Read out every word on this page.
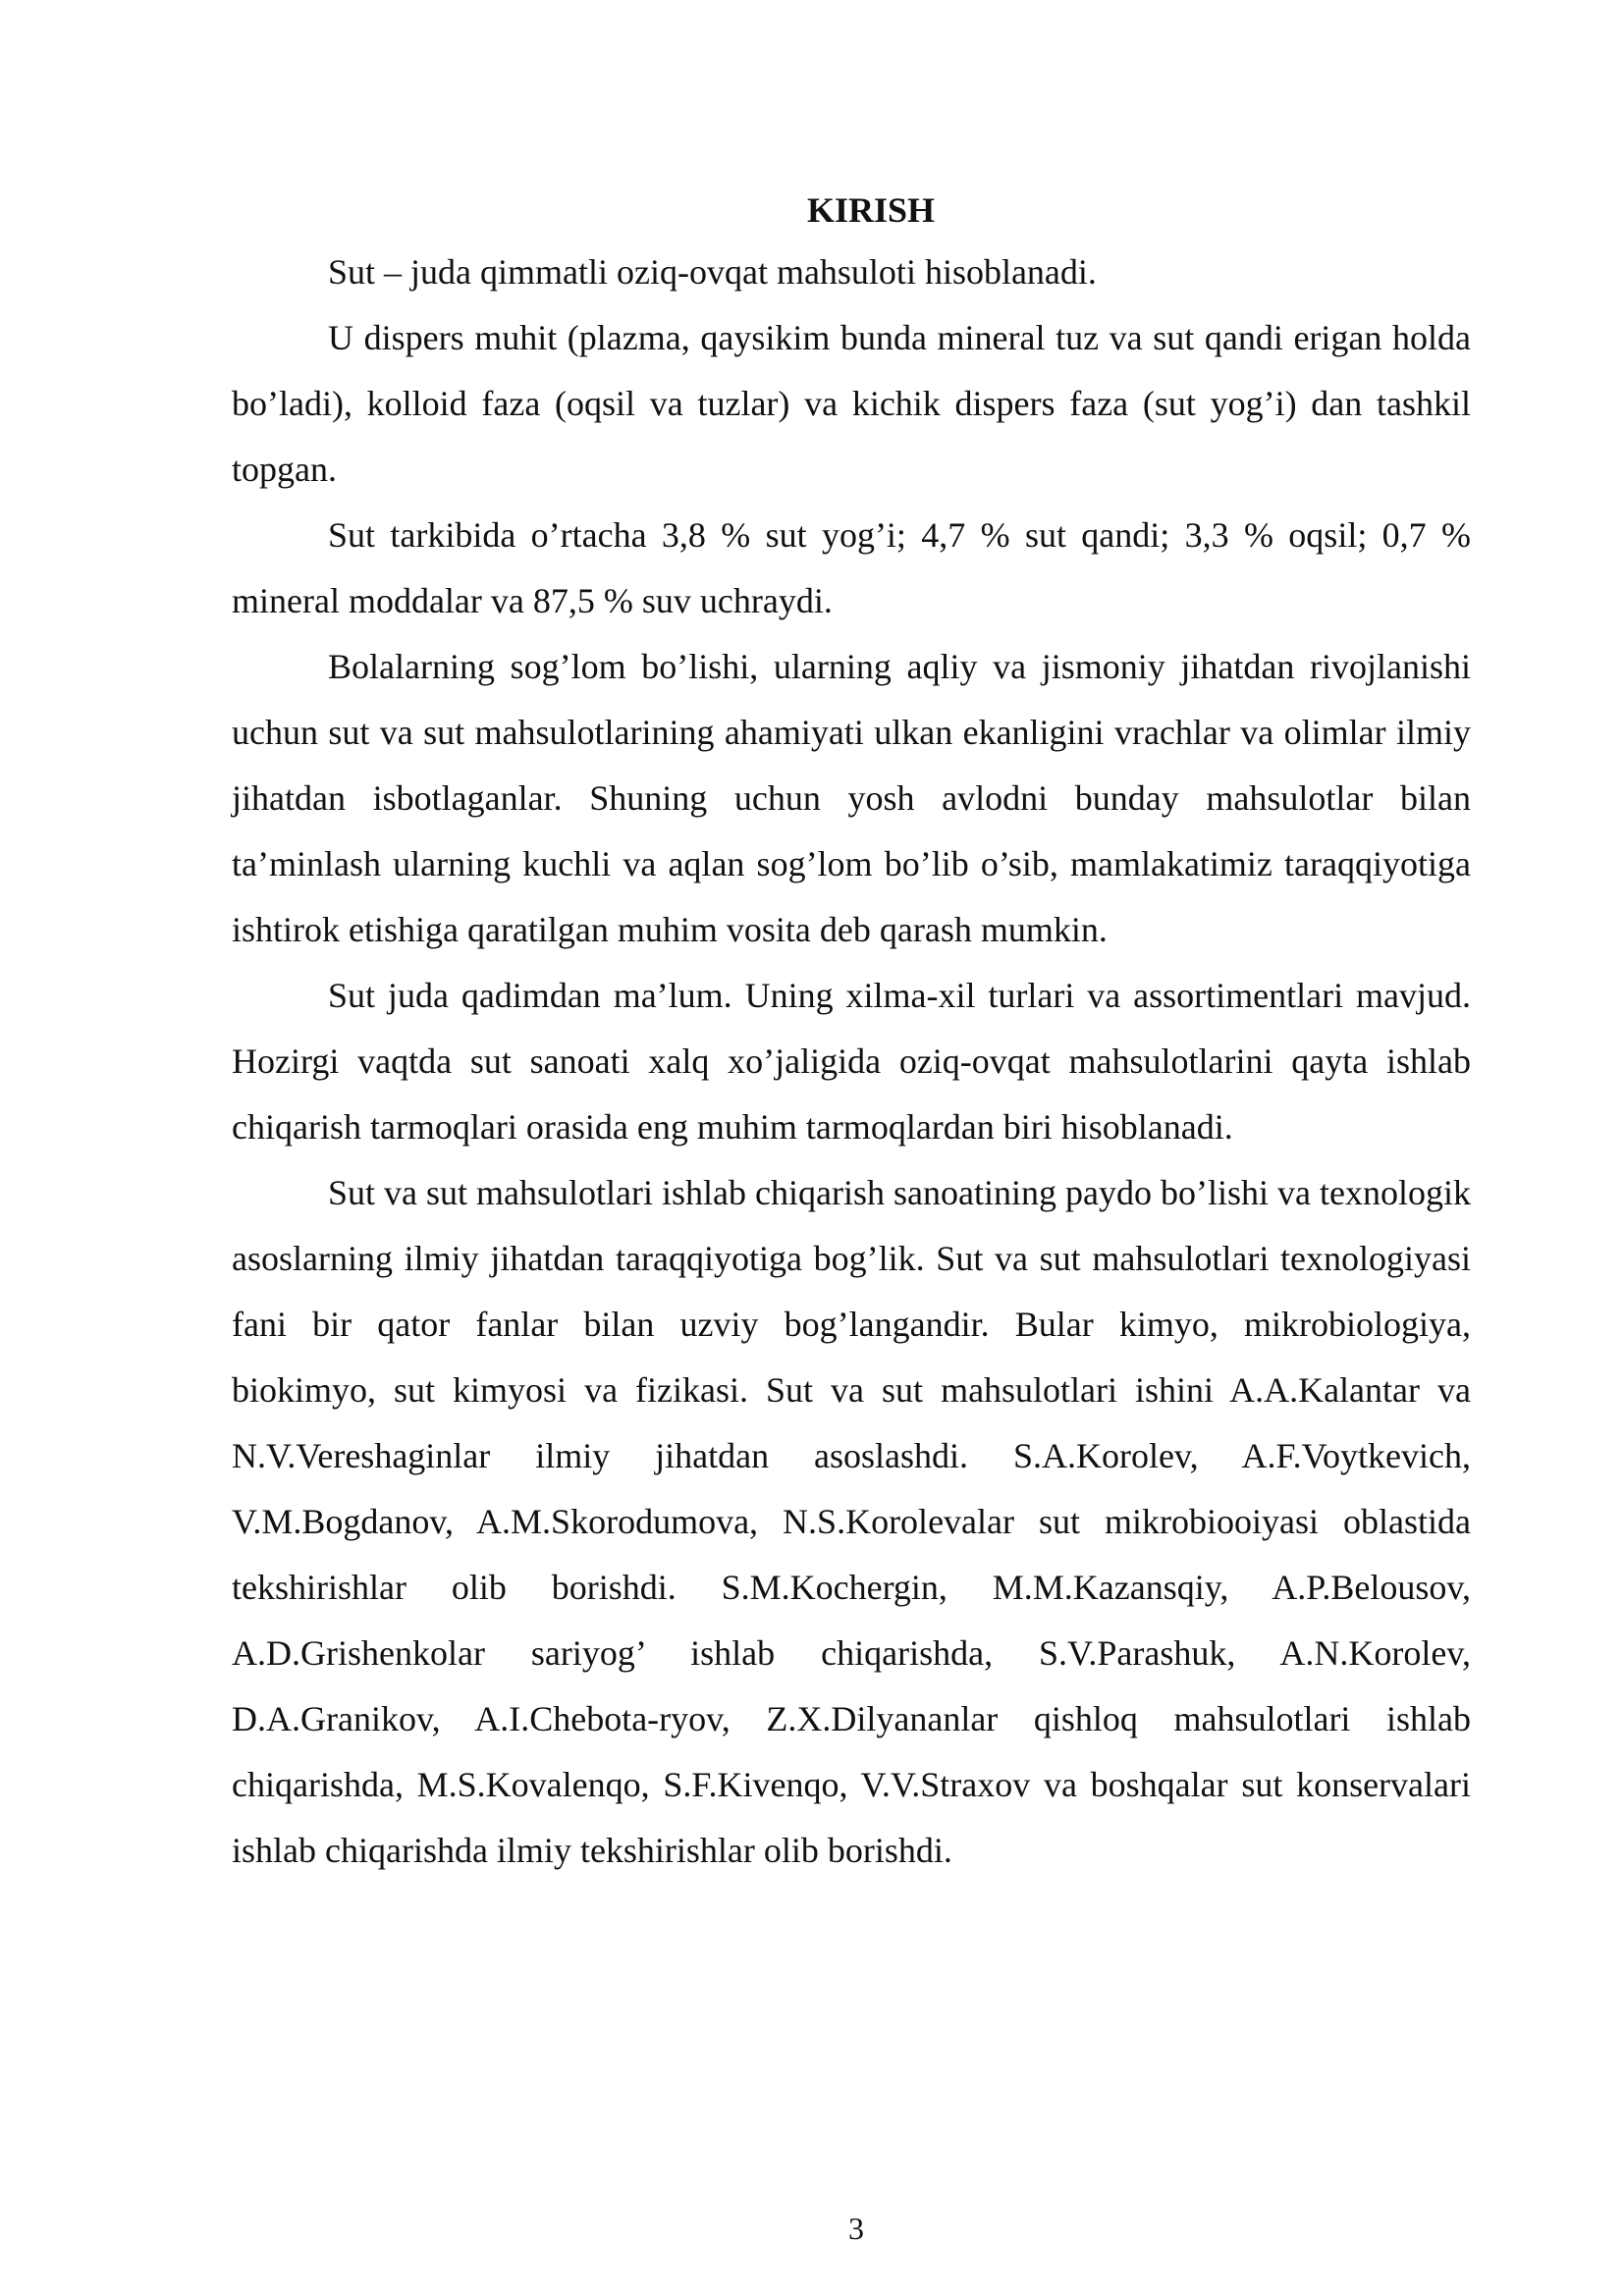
KIRISH

Sut – juda qimmatli oziq-ovqat mahsuloti hisoblanadi.

U dispers muhit (plazma, qaysikim bunda mineral tuz va sut qandi erigan holda bo’ladi), kolloid faza (oqsil va tuzlar) va kichik dispers faza (sut yog’i) dan tashkil topgan.

Sut tarkibida o’rtacha 3,8 % sut yog’i; 4,7 % sut qandi; 3,3 % oqsil; 0,7 % mineral moddalar va 87,5 % suv uchraydi.

Bolalarning sog’lom bo’lishi, ularning aqliy va jismoniy jihatdan rivojlanishi uchun sut va sut mahsulotlarining ahamiyati ulkan ekanligini vrachlar va olimlar ilmiy jihatdan isbotlaganlar. Shuning uchun yosh avlodni bunday mahsulotlar bilan ta’minlash ularning kuchli va aqlan sog’lom bo’lib o’sib, mamlakatimiz taraqqiyotiga ishtirok etishiga qaratilgan muhim vosita deb qarash mumkin.

Sut juda qadimdan ma’lum. Uning xilma-xil turlari va assortimentlari mavjud. Hozirgi vaqtda sut sanoati xalq xo’jaligida oziq-ovqat mahsulotlarini qayta ishlab chiqarish tarmoqlari orasida eng muhim tarmoqlardan biri hisoblanadi.

Sut va sut mahsulotlari ishlab chiqarish sanoatining paydo bo’lishi va texnologik asoslarning ilmiy jihatdan taraqqiyotiga bog’lik. Sut va sut mahsulotlari texnologiyasi fani bir qator fanlar bilan uzviy bog’langandir. Bular kimyo, mikrobiologiya, biokimyo, sut kimyosi va fizikasi. Sut va sut mahsulotlari ishini A.A.Kalantar va N.V.Vereshaginlar ilmiy jihatdan asoslashdi. S.A.Korolev, A.F.Voytkevich, V.M.Bogdanov, A.M.Skorodumova, N.S.Korolevalar sut mikrobiooiyasi oblastida tekshirishlar olib borishdi. S.M.Kochergin, M.M.Kazansqiy, A.P.Belousov, A.D.Grishenkolar sariyog’ ishlab chiqarishda, S.V.Parashuk, A.N.Korolev, D.A.Granikov, A.I.Chebota-ryov, Z.X.Dilyananlar qishloq mahsulotlari ishlab chiqarishda, M.S.Kovalenqo, S.F.Kivenqo, V.V.Straxov va boshqalar sut konservalari ishlab chiqarishda ilmiy tekshirishlar olib borishdi.

3
